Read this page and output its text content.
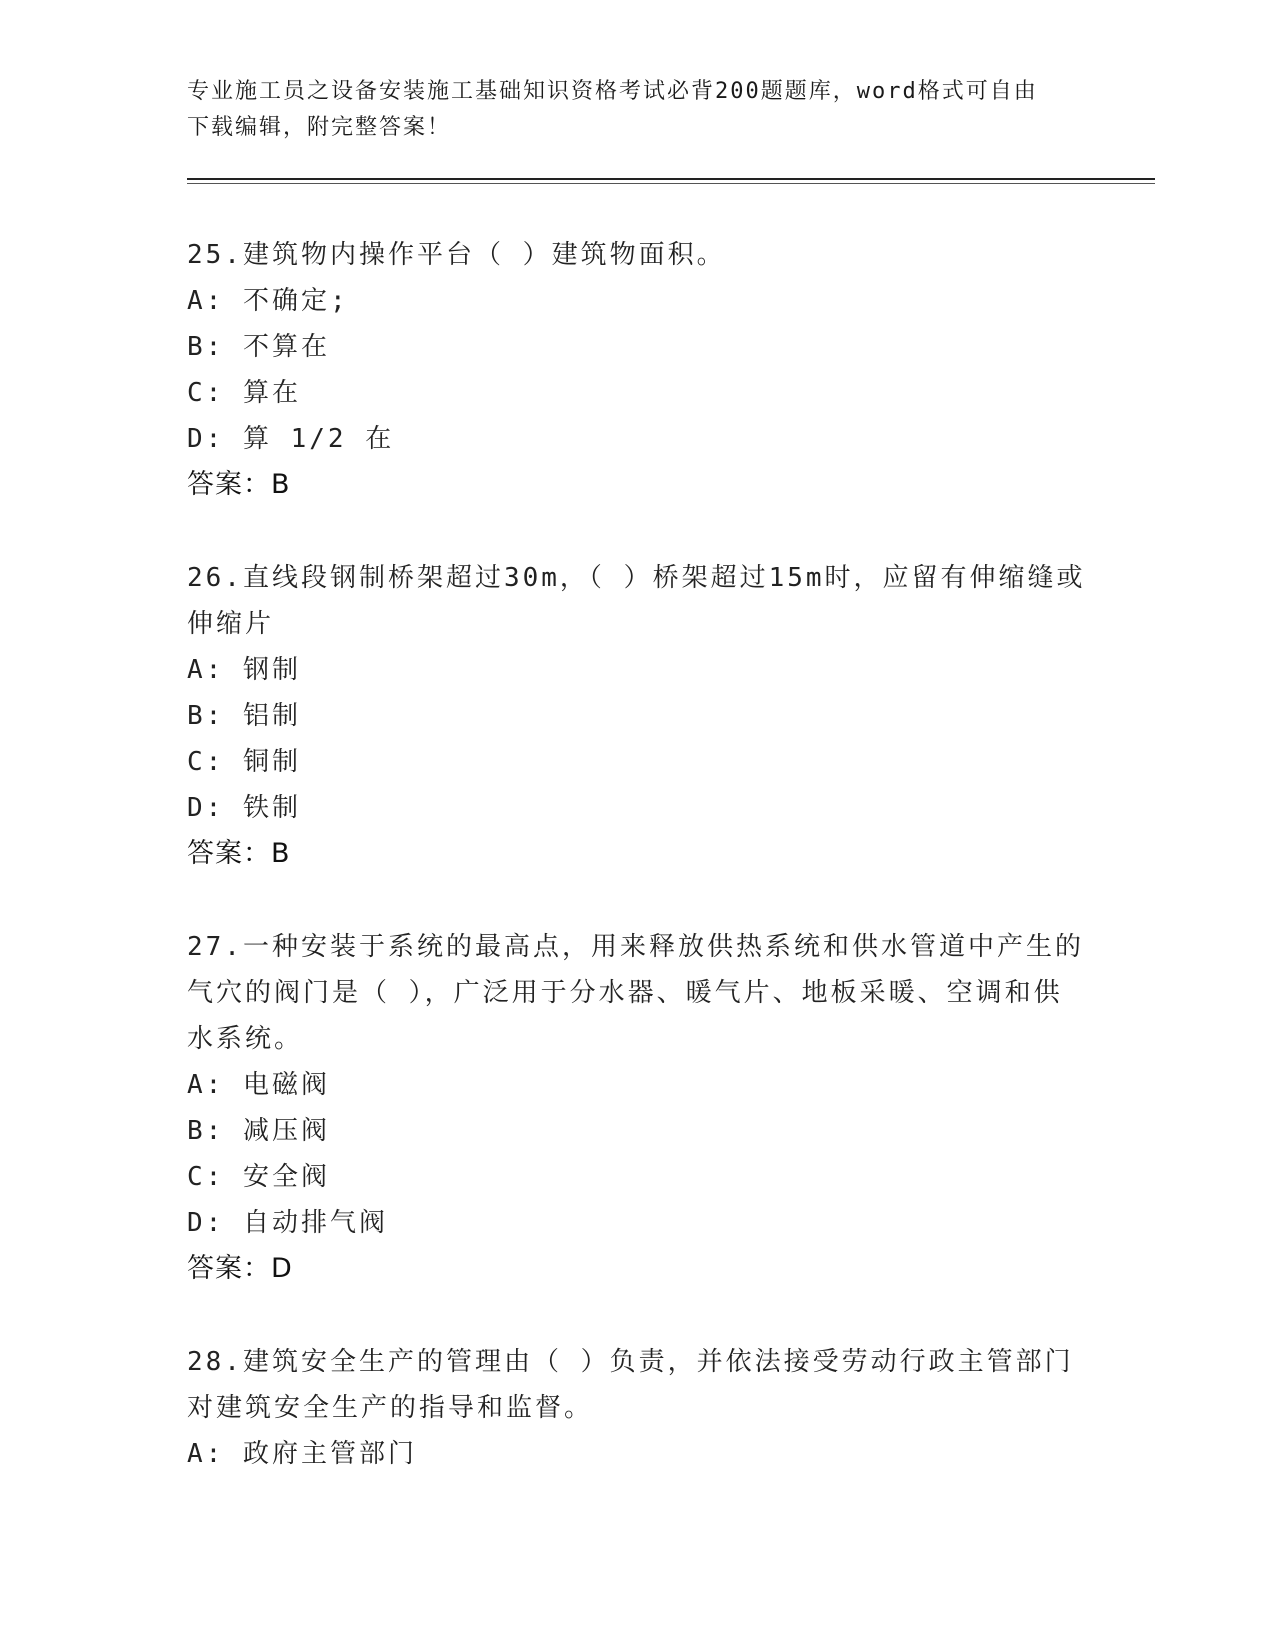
专业施工员之设备安装施工基础知识资格考试必背200题题库，word格式可自由
下载编辑，附完整答案！
25.建筑物内操作平台（ ）建筑物面积。
A: 不确定;
B: 不算在
C: 算在
D: 算 1/2 在
答案：B
26.直线段钢制桥架超过30m，（ ）桥架超过15m时，应留有伸缩缝或
伸缩片
A: 钢制
B: 铝制
C: 铜制
D: 铁制
答案：B
27.一种安装于系统的最高点，用来释放供热系统和供水管道中产生的
气穴的阀门是（ ），广泛用于分水器、暖气片、地板采暖、空调和供
水系统。
A: 电磁阀
B: 减压阀
C: 安全阀
D: 自动排气阀
答案：D
28.建筑安全生产的管理由（ ）负责，并依法接受劳动行政主管部门
对建筑安全生产的指导和监督。
A: 政府主管部门
